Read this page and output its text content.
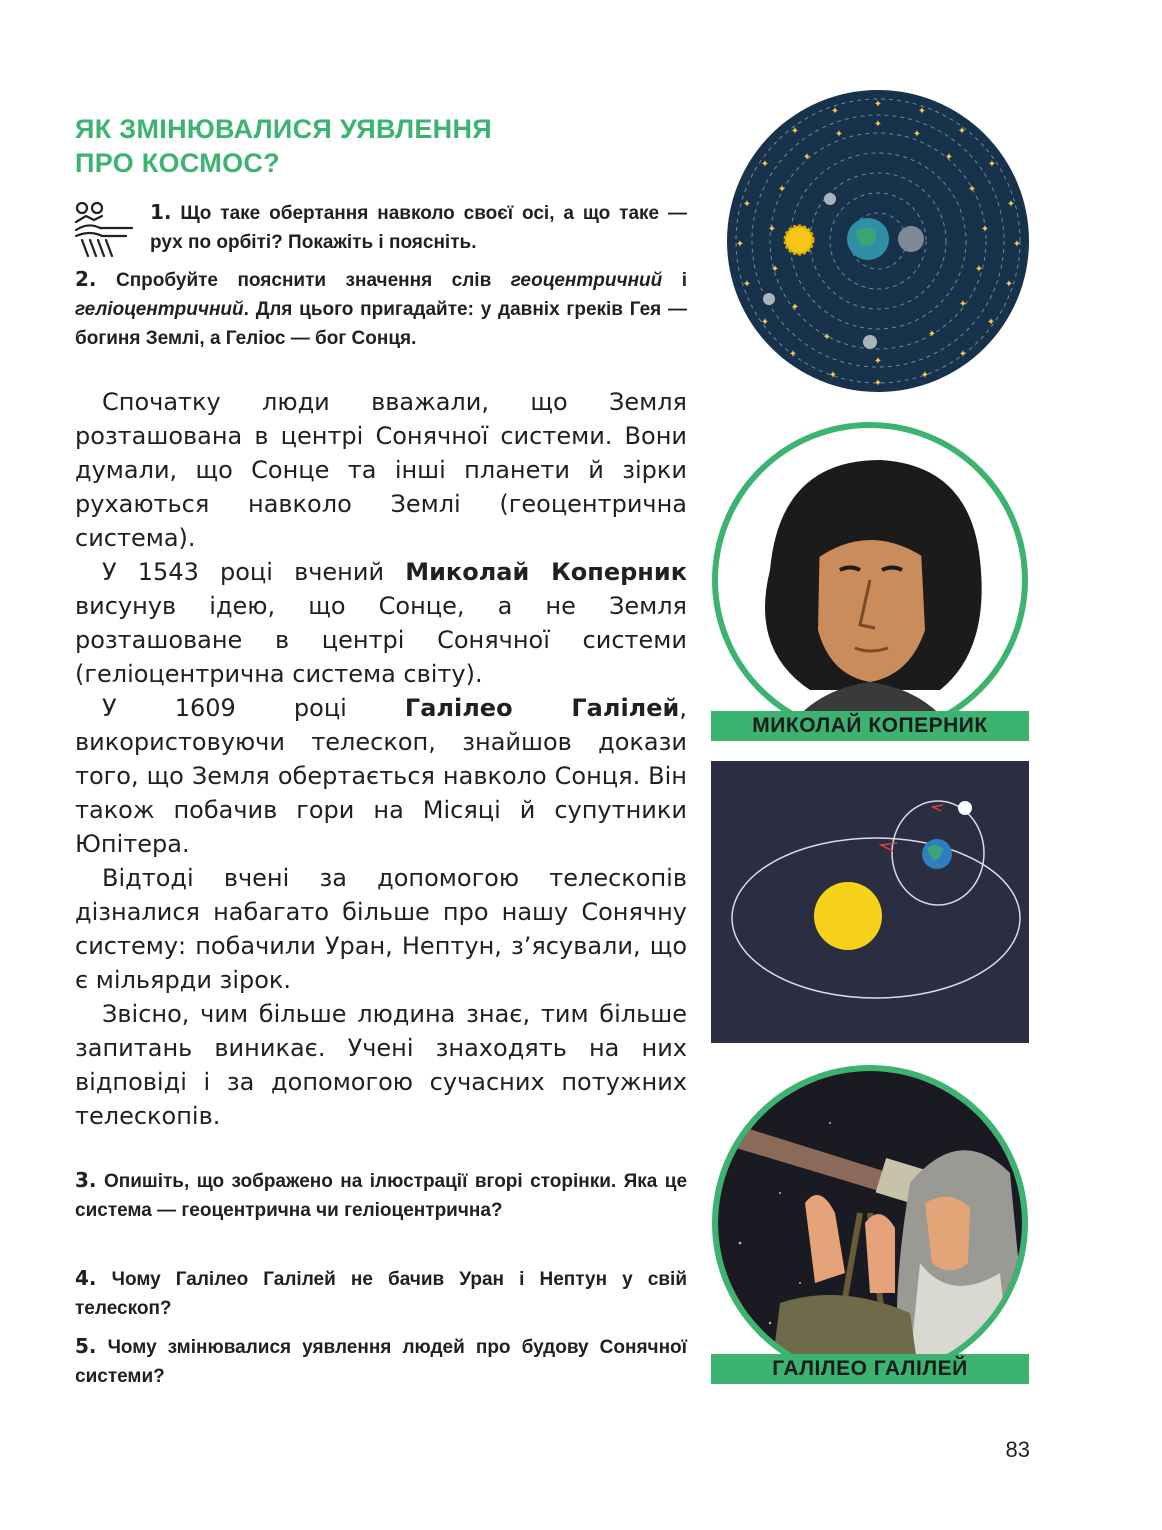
ЯК ЗМІНЮВАЛИСЯ УЯВЛЕННЯ
ПРО КОСМОС?
1. Що таке обертання навколо своєї осі, а що таке — рух по орбіті? Покажіть і поясніть.
2. Спробуйте пояснити значення слів геоцентричний і геліоцентричний. Для цього пригадайте: у давніх греків Гея — богиня Землі, а Геліос — бог Сонця.

Спочатку люди вважали, що Земля розташована в центрі Сонячної системи. Вони думали, що Сонце та інші планети й зірки рухаються навколо Землі (геоцентрична система).

У 1543 році вчений Миколай Коперник висунув ідею, що Сонце, а не Земля розташоване в центрі Сонячної системи (геліоцентрична система світу).

У 1609 році Галілео Галілей, використовуючи телескоп, знайшов докази того, що Земля обертається навколо Сонця. Він також побачив гори на Місяці й супутники Юпітера.

Відтоді вчені за допомогою телескопів дізналися набагато більше про нашу Сонячну систему: побачили Уран, Нептун, з’ясували, що є мільярди зірок.

Звісно, чим більше людина знає, тим більше запитань виникає. Учені знаходять на них відповіді і за допомогою сучасних потужних телескопів.

3. Опишіть, що зображено на ілюстрації вгорі сторінки. Яка це система — геоцентрична чи геліоцентрична?
4. Чому Галілео Галілей не бачив Уран і Нептун у свій телескоп?
5. Чому змінювалися уявлення людей про будову Сонячної системи?
✦
✦
✦
✦
✦
✦
✦
✦
✦
✦
✦
✦
✦
✦
✦
✦
✦
✦
✦
✦
✦
✦
✦
✦
✦
✦
✦
✦
✦
✦
✦
✦
✦
✦
✦
✦
МИКОЛАЙ КОПЕРНИК
ГАЛІЛЕО ГАЛІЛЕЙ
83
